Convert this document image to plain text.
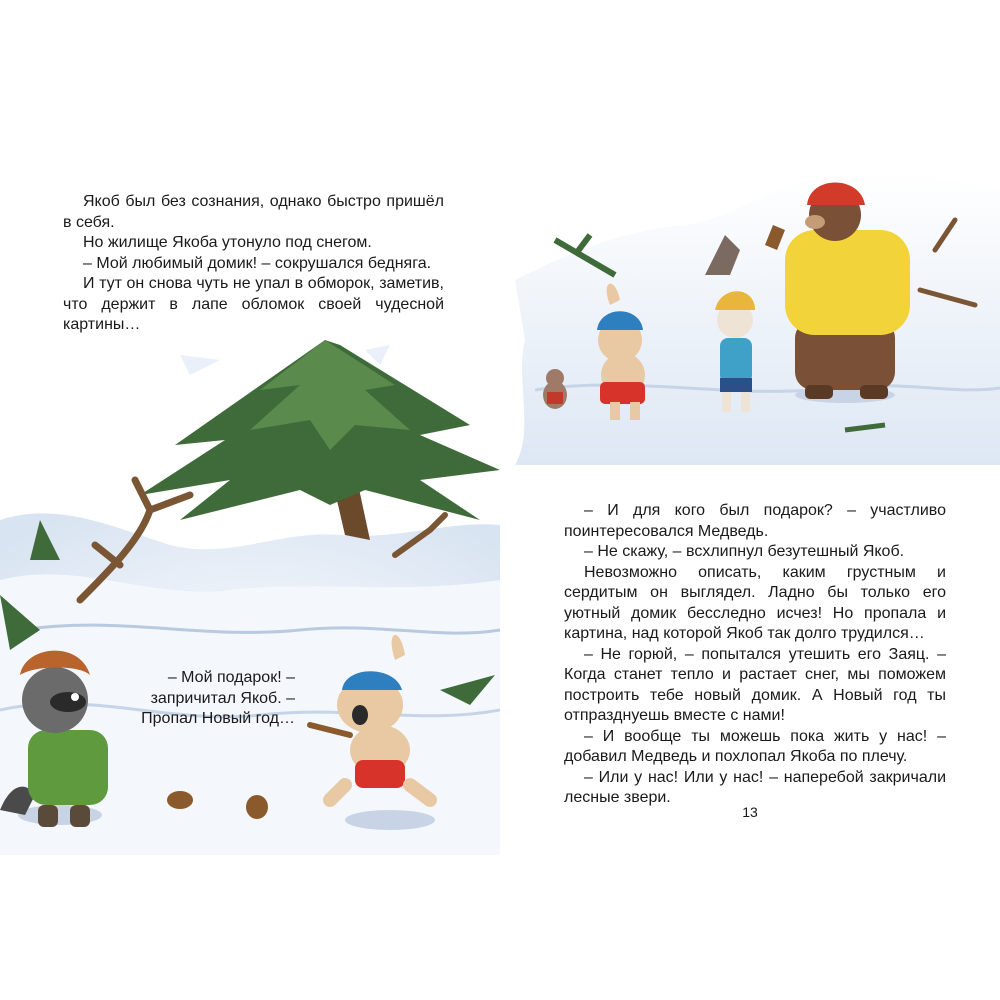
Якоб был без сознания, однако быстро пришёл в себя.

Но жилище Якоба утонуло под снегом.

– Мой любимый домик! – сокрушался бедняга.

И тут он снова чуть не упал в обморок, заметив, что держит в лапе обломок своей чудесной картины…

– Мой подарок! –
запричитал Якоб. –
Пропал Новый год…

– И для кого был подарок? – участливо поинтересовался Медведь.

– Не скажу, – всхлипнул безутешный Якоб.

Невозможно описать, каким грустным и сердитым он выглядел. Ладно бы только его уютный домик бесследно исчез! Но пропала и картина, над которой Якоб так долго трудился…

– Не горюй, – попытался утешить его Заяц. – Когда станет тепло и растает снег, мы поможем построить тебе новый домик. А Новый год ты отпразднуешь вместе с нами!

– И вообще ты можешь пока жить у нас! – добавил Медведь и похлопал Якоба по плечу.

– Или у нас! Или у нас! – наперебой закричали лесные звери.

13
